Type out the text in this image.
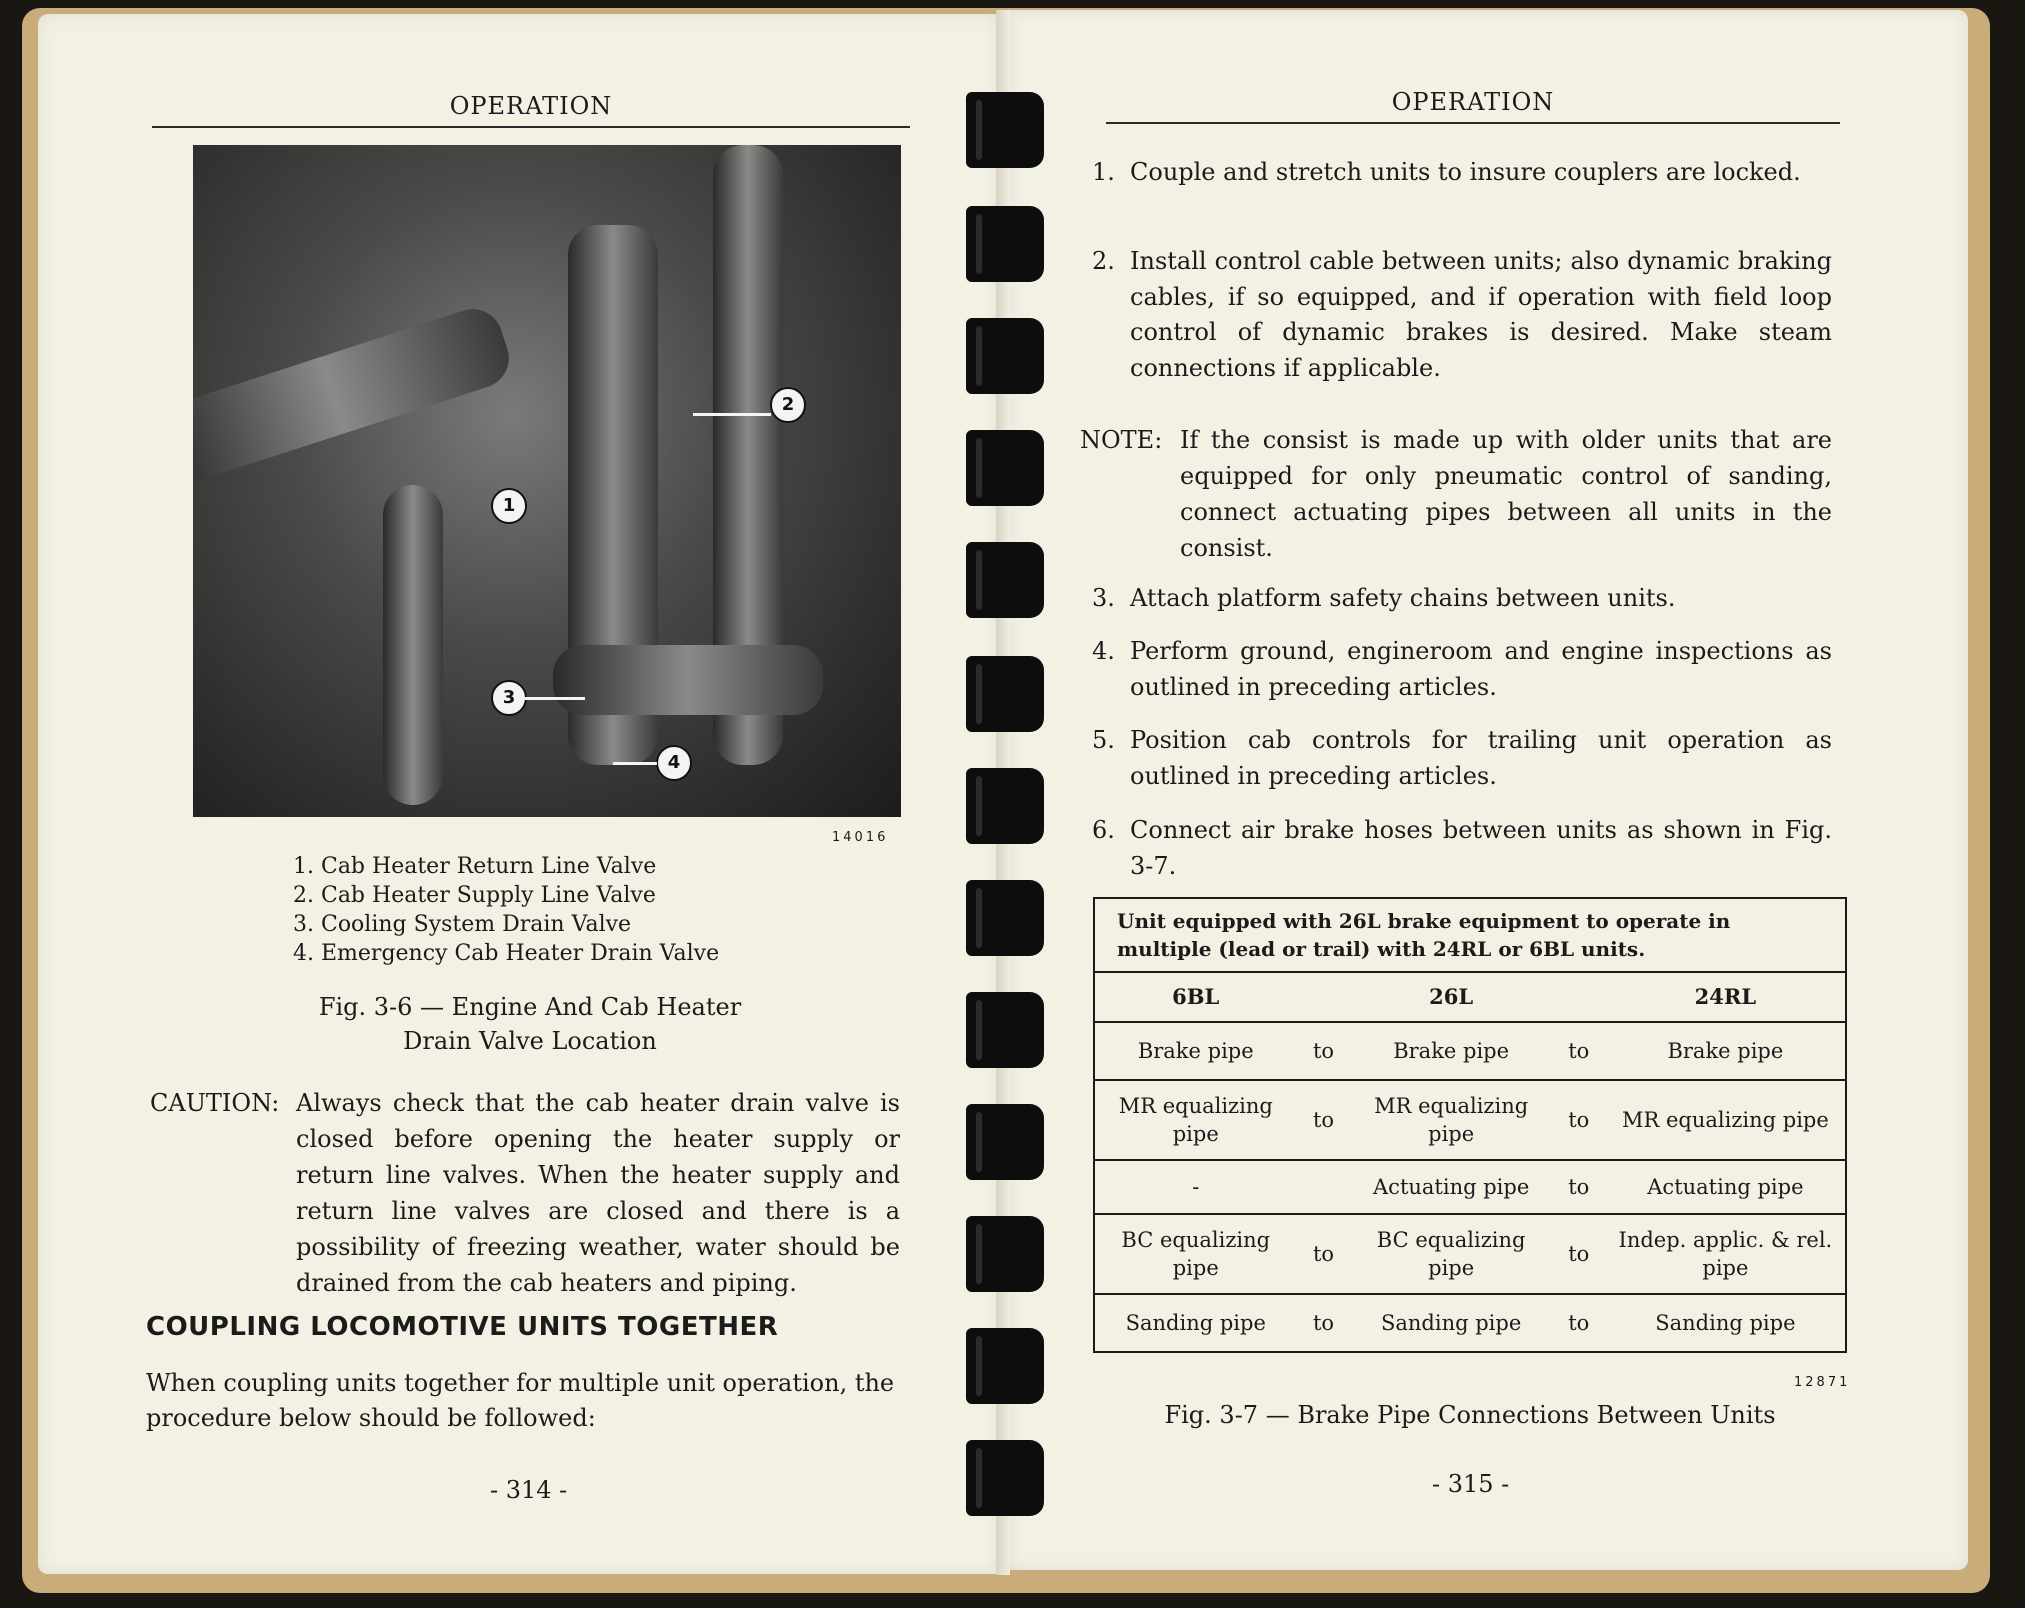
OPERATION
1
2
3
4
14016
1. Cab Heater Return Line Valve
2. Cab Heater Supply Line Valve
3. Cooling System Drain Valve
4. Emergency Cab Heater Drain Valve
Fig. 3-6 — Engine And Cab Heater
Drain Valve Location
CAUTION: Always check that the cab heater drain valve is closed before opening the heater supply or return line valves. When the heater supply and return line valves are closed and there is a possibility of freezing weather, water should be drained from the cab heaters and piping.
COUPLING LOCOMOTIVE UNITS TOGETHER
When coupling units together for multiple unit operation, the procedure below should be followed:
- 314 -
OPERATION
1. Couple and stretch units to insure couplers are locked.
2. Install control cable between units; also dynamic braking cables, if so equipped, and if operation with field loop control of dynamic brakes is desired. Make steam connections if applicable.
NOTE: If the consist is made up with older units that are equipped for only pneumatic control of sanding, connect actuating pipes between all units in the consist.
3. Attach platform safety chains between units.
4. Perform ground, engineroom and engine inspections as outlined in preceding articles.
5. Position cab controls for trailing unit operation as outlined in preceding articles.
6. Connect air brake hoses between units as shown in Fig. 3-7.
Unit equipped with 26L brake equipment to operate in multiple (lead or trail) with 24RL or 6BL units.				
6BL		26L		24RL
Brake pipe	to	Brake pipe	to	Brake pipe
MR equalizing pipe	to	MR equalizing pipe	to	MR equalizing pipe
-		Actuating pipe	to	Actuating pipe
BC equalizing pipe	to	BC equalizing pipe	to	Indep. applic. & rel. pipe
Sanding pipe	to	Sanding pipe	to	Sanding pipe
12871
Fig. 3-7 — Brake Pipe Connections Between Units
- 315 -
